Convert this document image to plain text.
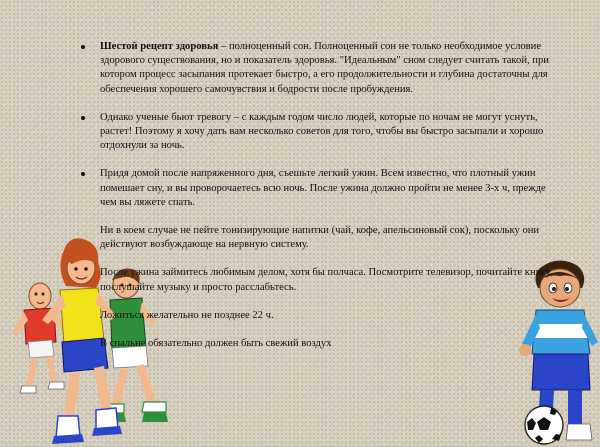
Шестой рецепт здоровья – полноценный сон. Полноценный сон не только необходимое условие здорового существования, но и показатель здоровья. "Идеальным" сном следует считать такой, при котором процесс засыпания протекает быстро, а его продолжительности и глубина достаточны для обеспечения хорошего самочувствия и бодрости после пробуждения.

Однако ученые бьют тревогу – с каждым годом число людей, которые по ночам не могут уснуть, растет! Поэтому я хочу дать вам несколько советов для того, чтобы вы быстро засыпали и хорошо отдохнули за ночь.

Придя домой после напряженного дня, съешьте легкий ужин. Всем известно, что плотный ужин помешает сну, и вы проворочаетесь всю ночь. После ужина должно пройти не менее 3-х ч, прежде чем вы ляжете спать.

Ни в коем случае не пейте тонизирующие напитки (чай, кофе, апельсиновый сок), поскольку они действуют возбуждающе на нервную систему.

После ужина займитесь любимым делом, хотя бы полчаса. Посмотрите телевизор, почитайте книгу, послушайте музыку и просто расслабьтесь.

Ложиться желательно не позднее 22 ч.

В спальне обязательно должен быть свежий воздух
